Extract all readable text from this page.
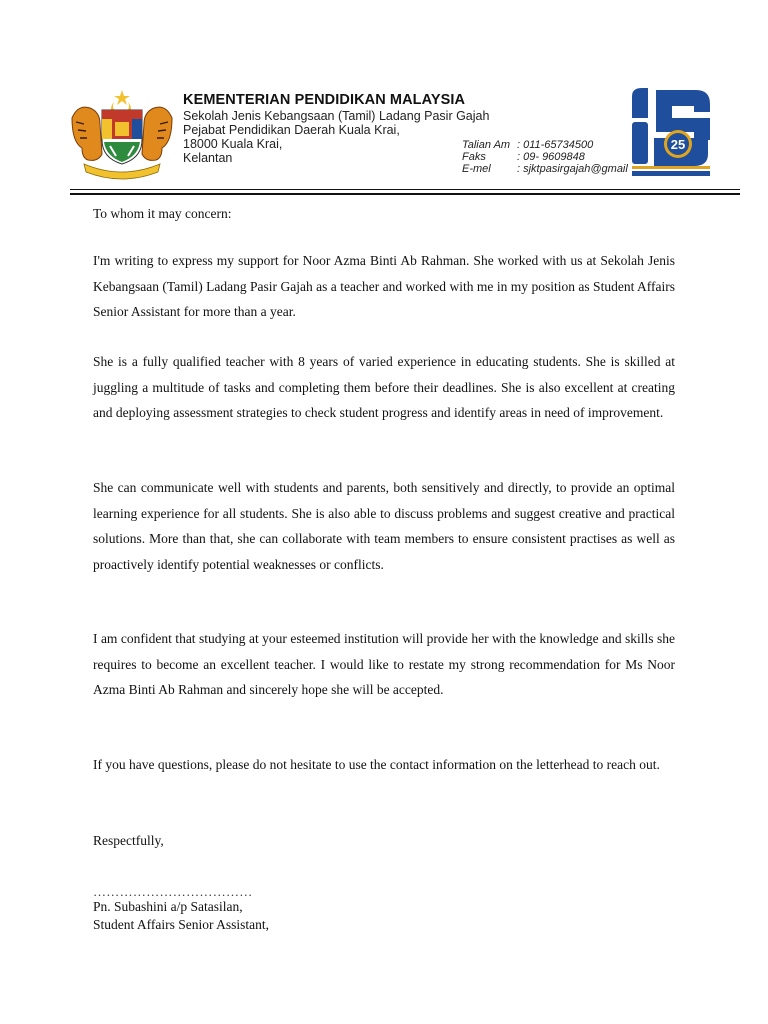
KEMENTERIAN PENDIDIKAN MALAYSIA
Sekolah Jenis Kebangsaan (Tamil) Ladang Pasir Gajah
Pejabat Pendidikan Daerah Kuala Krai,
18000 Kuala Krai,
Kelantan
Talian Am : 011-65734500
Faks	: 09- 9609848
E-mel : sjktpasirgajah@gmail
25
To whom it may concern:

I'm writing to express my support for Noor Azma Binti Ab Rahman. She worked with us at Sekolah Jenis Kebangsaan (Tamil) Ladang Pasir Gajah as a teacher and worked with me in my position as Student Affairs Senior Assistant for more than a year.

She is a fully qualified teacher with 8 years of varied experience in educating students. She is skilled at juggling a multitude of tasks and completing them before their deadlines. She is also excellent at creating and deploying assessment strategies to check student progress and identify areas in need of improvement.

She can communicate well with students and parents, both sensitively and directly, to provide an optimal learning experience for all students. She is also able to discuss problems and suggest creative and practical solutions. More than that, she can collaborate with team members to ensure consistent practises as well as proactively identify potential weaknesses or conflicts.

I am confident that studying at your esteemed institution will provide her with the knowledge and skills she requires to become an excellent teacher. I would like to restate my strong recommendation for Ms Noor Azma Binti Ab Rahman and sincerely hope she will be accepted.

If you have questions, please do not hesitate to use the contact information on the letterhead to reach out.

Respectfully,
………………………………
Pn. Subashini a/p Satasilan,
Student Affairs Senior Assistant,
